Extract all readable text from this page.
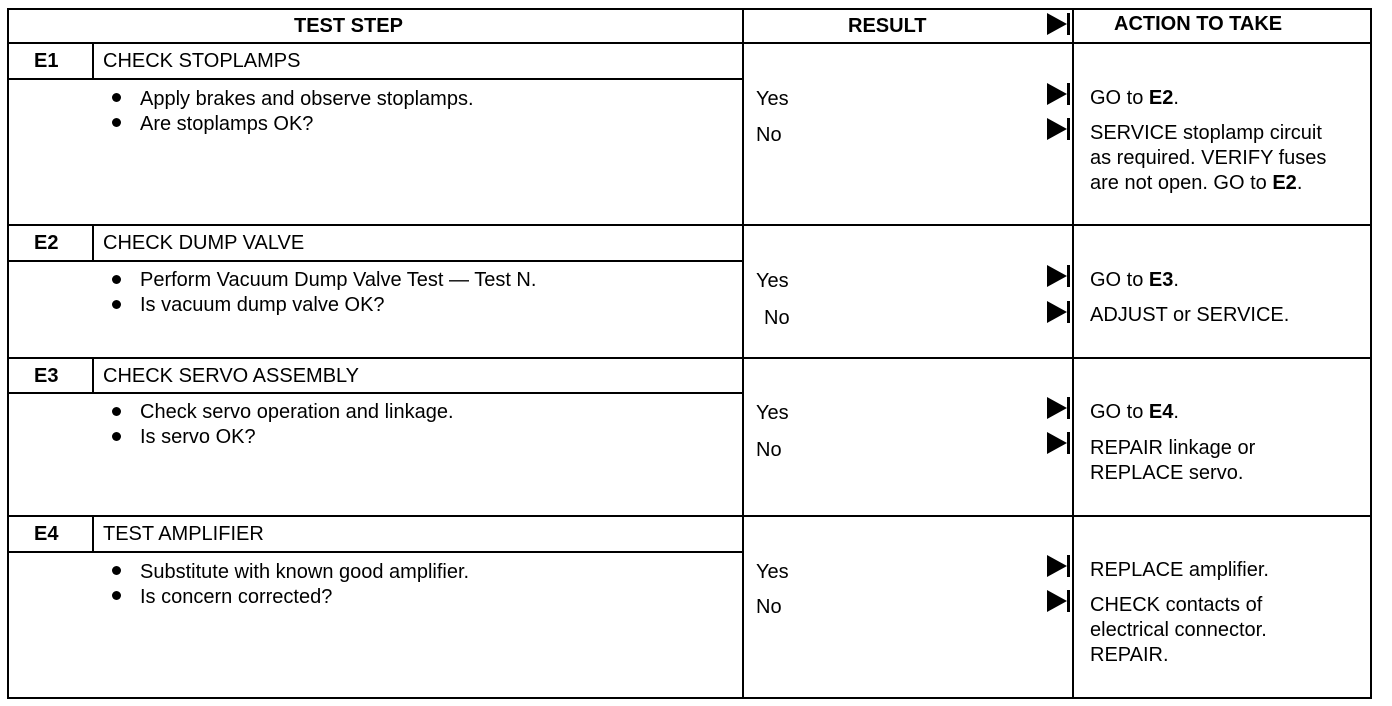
TEST STEP	RESULT	ACTION TO TAKE
E1 CHECK STOPLAMPS
Apply brakes and observe stoplamps.
Are stoplamps OK?
Yes
No
GO to E2.
SERVICE stoplamp circuit as required. VERIFY fuses are not open. GO to E2.
E2 CHECK DUMP VALVE
Perform Vacuum Dump Valve Test — Test N.
Is vacuum dump valve OK?
Yes
No
GO to E3.
ADJUST or SERVICE.
E3 CHECK SERVO ASSEMBLY
Check servo operation and linkage.
Is servo OK?
Yes
No
GO to E4.
REPAIR linkage or REPLACE servo.
E4 TEST AMPLIFIER
Substitute with known good amplifier.
Is concern corrected?
Yes
No
REPLACE amplifier.
CHECK contacts of electrical connector. REPAIR.
